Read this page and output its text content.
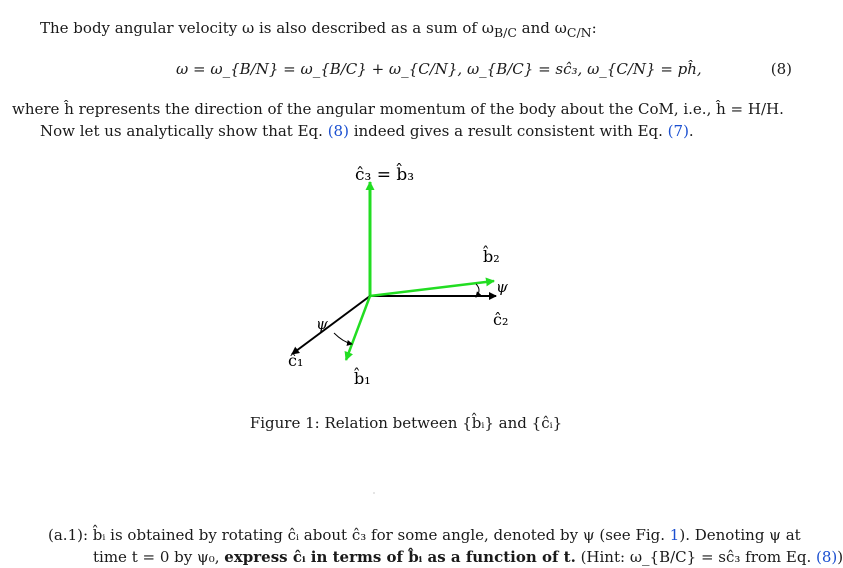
The body angular velocity ω is also described as a sum of $\omega_{B/C}$ and $\omega_{C/N}$:
ω = ω_{B/N} = ω_{B/C} + ω_{C/N}, ω_{B/C} = sĉ₃, ω_{C/N} = pĥ,	(8)
where ĥ represents the direction of the angular momentum of the body about the CoM, i.e., ĥ = H/H.
Now let us analytically show that Eq. (8) indeed gives a result consistent with Eq. (7).
ĉ₃ = b̂₃
b̂₂
ψ
ĉ₂
ψ
ĉ₁
b̂₁
Figure 1: Relation between {b̂ᵢ} and {ĉᵢ}
(a.1): b̂ᵢ is obtained by rotating ĉᵢ about ĉ₃ for some angle, denoted by ψ (see Fig. 1). Denoting ψ at
time t = 0 by ψ₀, express ĉᵢ in terms of b̂ᵢ as a function of t. (Hint: ω_{B/C} = sĉ₃ from Eq. (8))
